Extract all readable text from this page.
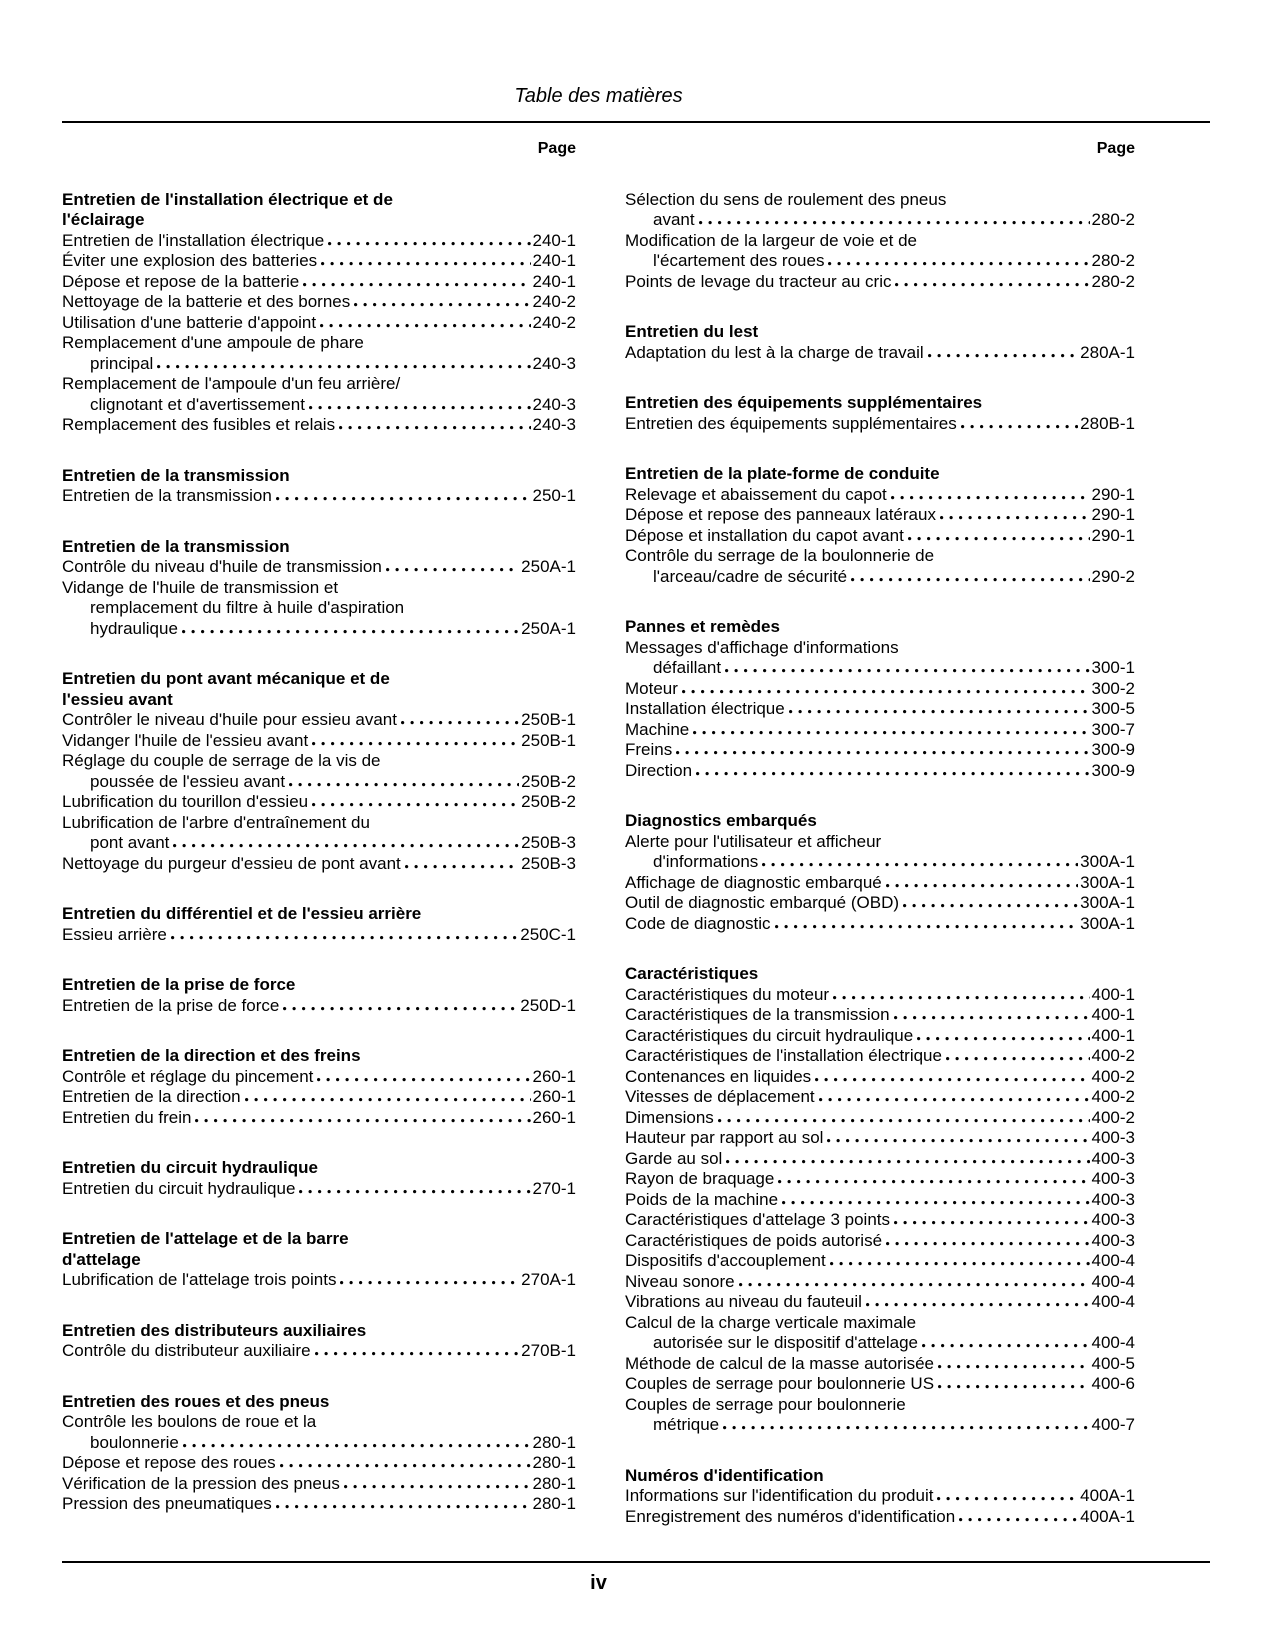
Table des matières
Page
Entretien de l'installation électrique et de
l'éclairage
Entretien de l'installation électrique	240-1
Éviter une explosion des batteries	240-1
Dépose et repose de la batterie	240-1
Nettoyage de la batterie et des bornes	240-2
Utilisation d'une batterie d'appoint	240-2
Remplacement d'une ampoule de phare
principal	240-3
Remplacement de l'ampoule d'un feu arrière/
clignotant et d'avertissement	240-3
Remplacement des fusibles et relais	240-3
Entretien de la transmission
Entretien de la transmission	250-1
Entretien de la transmission
Contrôle du niveau d'huile de transmission	250A-1
Vidange de l'huile de transmission et
remplacement du filtre à huile d'aspiration
hydraulique	250A-1
Entretien du pont avant mécanique et de
l'essieu avant
Contrôler le niveau d'huile pour essieu avant	250B-1
Vidanger l'huile de l'essieu avant	250B-1
Réglage du couple de serrage de la vis de
poussée de l'essieu avant	250B-2
Lubrification du tourillon d'essieu	250B-2
Lubrification de l'arbre d'entraînement du
pont avant	250B-3
Nettoyage du purgeur d'essieu de pont avant	250B-3
Entretien du différentiel et de l'essieu arrière
Essieu arrière	250C-1
Entretien de la prise de force
Entretien de la prise de force	250D-1
Entretien de la direction et des freins
Contrôle et réglage du pincement	260-1
Entretien de la direction	260-1
Entretien du frein	260-1
Entretien du circuit hydraulique
Entretien du circuit hydraulique	270-1
Entretien de l'attelage et de la barre
d'attelage
Lubrification de l'attelage trois points	270A-1
Entretien des distributeurs auxiliaires
Contrôle du distributeur auxiliaire	270B-1
Entretien des roues et des pneus
Contrôle les boulons de roue et la
boulonnerie	280-1
Dépose et repose des roues	280-1
Vérification de la pression des pneus	280-1
Pression des pneumatiques	280-1
Page
Sélection du sens de roulement des pneus
avant	280-2
Modification de la largeur de voie et de
l'écartement des roues	280-2
Points de levage du tracteur au cric	280-2
Entretien du lest
Adaptation du lest à la charge de travail	280A-1
Entretien des équipements supplémentaires
Entretien des équipements supplémentaires	280B-1
Entretien de la plate-forme de conduite
Relevage et abaissement du capot	290-1
Dépose et repose des panneaux latéraux	290-1
Dépose et installation du capot avant	290-1
Contrôle du serrage de la boulonnerie de
l'arceau/cadre de sécurité	290-2
Pannes et remèdes
Messages d'affichage d'informations
défaillant	300-1
Moteur	300-2
Installation électrique	300-5
Machine	300-7
Freins	300-9
Direction	300-9
Diagnostics embarqués
Alerte pour l'utilisateur et afficheur
d'informations	300A-1
Affichage de diagnostic embarqué	300A-1
Outil de diagnostic embarqué (OBD)	300A-1
Code de diagnostic	300A-1
Caractéristiques
Caractéristiques du moteur	400-1
Caractéristiques de la transmission	400-1
Caractéristiques du circuit hydraulique	400-1
Caractéristiques de l'installation électrique	400-2
Contenances en liquides	400-2
Vitesses de déplacement	400-2
Dimensions	400-2
Hauteur par rapport au sol	400-3
Garde au sol	400-3
Rayon de braquage	400-3
Poids de la machine	400-3
Caractéristiques d'attelage 3 points	400-3
Caractéristiques de poids autorisé	400-3
Dispositifs d'accouplement	400-4
Niveau sonore	400-4
Vibrations au niveau du fauteuil	400-4
Calcul de la charge verticale maximale
autorisée sur le dispositif d'attelage	400-4
Méthode de calcul de la masse autorisée	400-5
Couples de serrage pour boulonnerie US	400-6
Couples de serrage pour boulonnerie
métrique	400-7
Numéros d'identification
Informations sur l'identification du produit	400A-1
Enregistrement des numéros d'identification	400A-1
iv
